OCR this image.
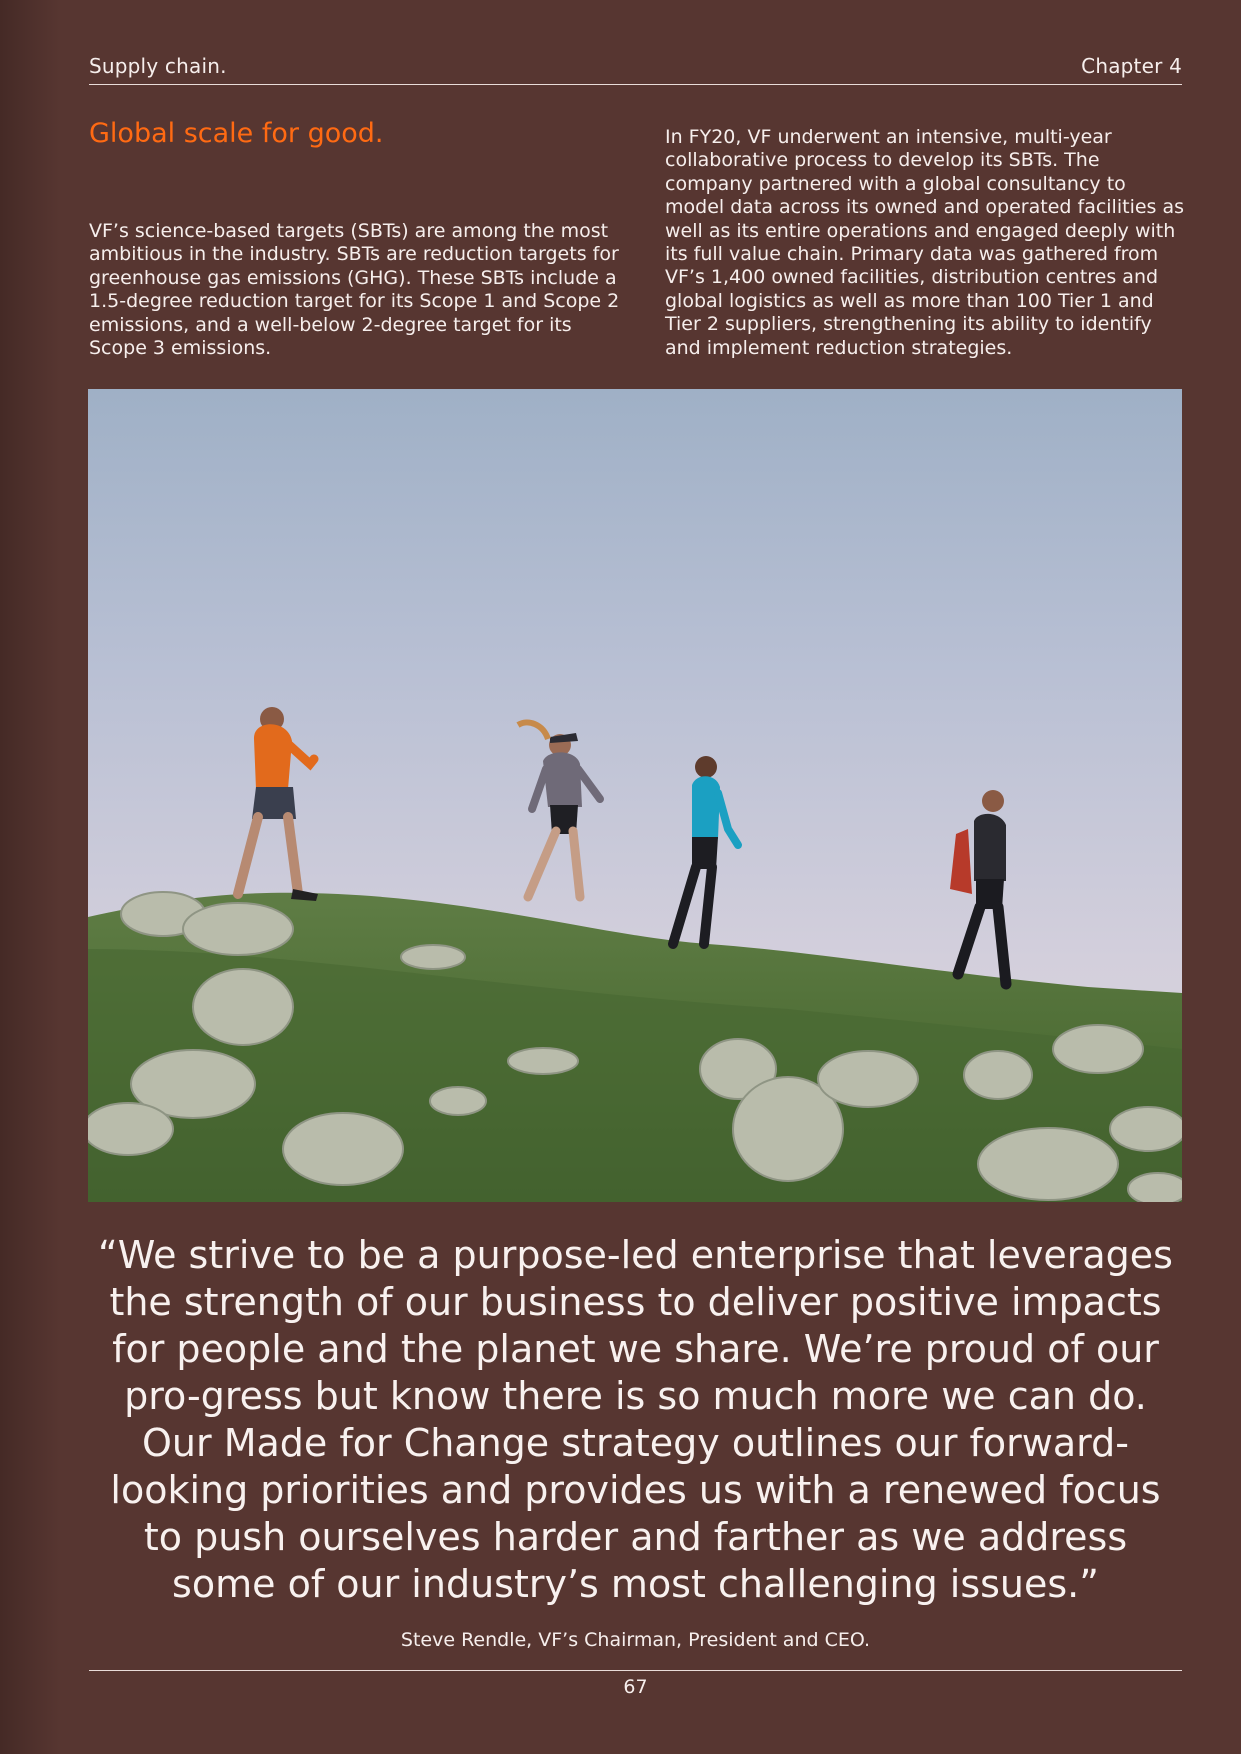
Supply chain.	Chapter 4
Global scale for good.

VF’s science-based targets (SBTs) are among the most ambitious in the industry. SBTs are reduction targets for greenhouse gas emissions (GHG). These SBTs include a 1.5-degree reduction target for its Scope 1 and Scope 2 emissions, and a well-below 2-degree target for its Scope 3 emissions.

In FY20, VF underwent an intensive, multi-year collaborative process to develop its SBTs. The company partnered with a global consultancy to model data across its owned and operated facilities as well as its entire operations and engaged deeply with its full value chain. Primary data was gathered from VF’s 1,400 owned facilities, distribution centres and global logistics as well as more than 100 Tier 1 and Tier 2 suppliers, strengthening its ability to identify and implement reduction strategies.

“We strive to be a purpose-led enterprise that leverages the strength of our business to deliver positive impacts for people and the planet we share. We’re proud of our pro-gress but know there is so much more we can do. Our Made for Change strategy outlines our forward-looking priorities and provides us with a renewed focus to push ourselves harder and farther as we address some of our industry’s most challenging issues.”

Steve Rendle, VF’s Chairman, President and CEO.
67
